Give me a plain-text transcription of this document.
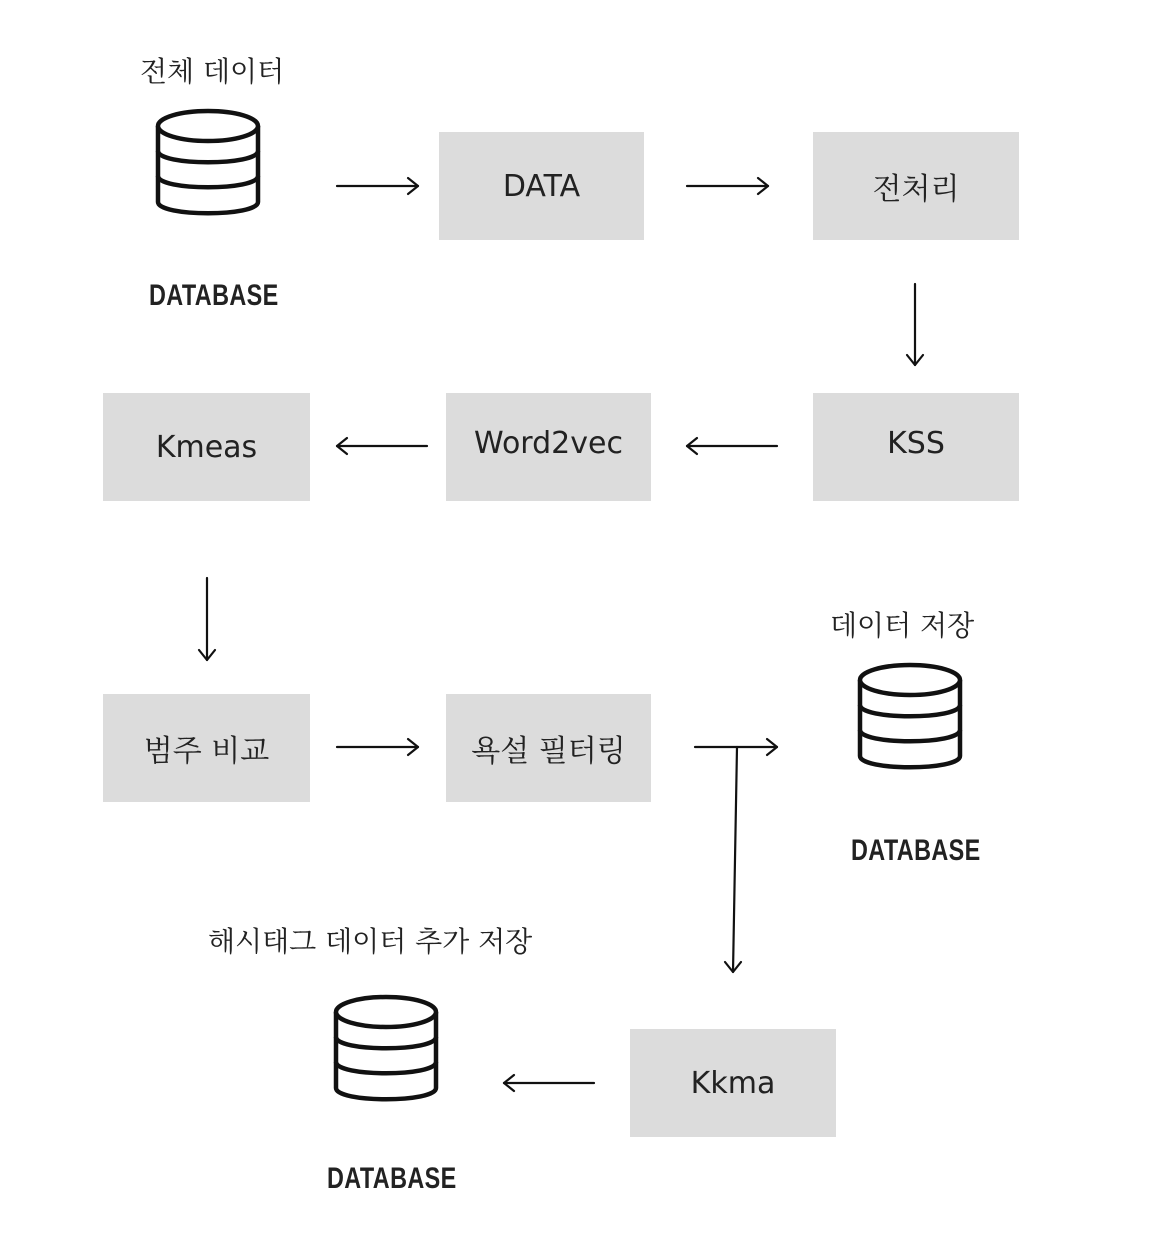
전체 데이터
데이터 저장
해시태그 데이터 추가 저장
DATABASE
DATABASE
DATABASE
DATA	전처리
KSS
Word2vec
Kmeas
범주 비교	욕설 필터링
Kkma
